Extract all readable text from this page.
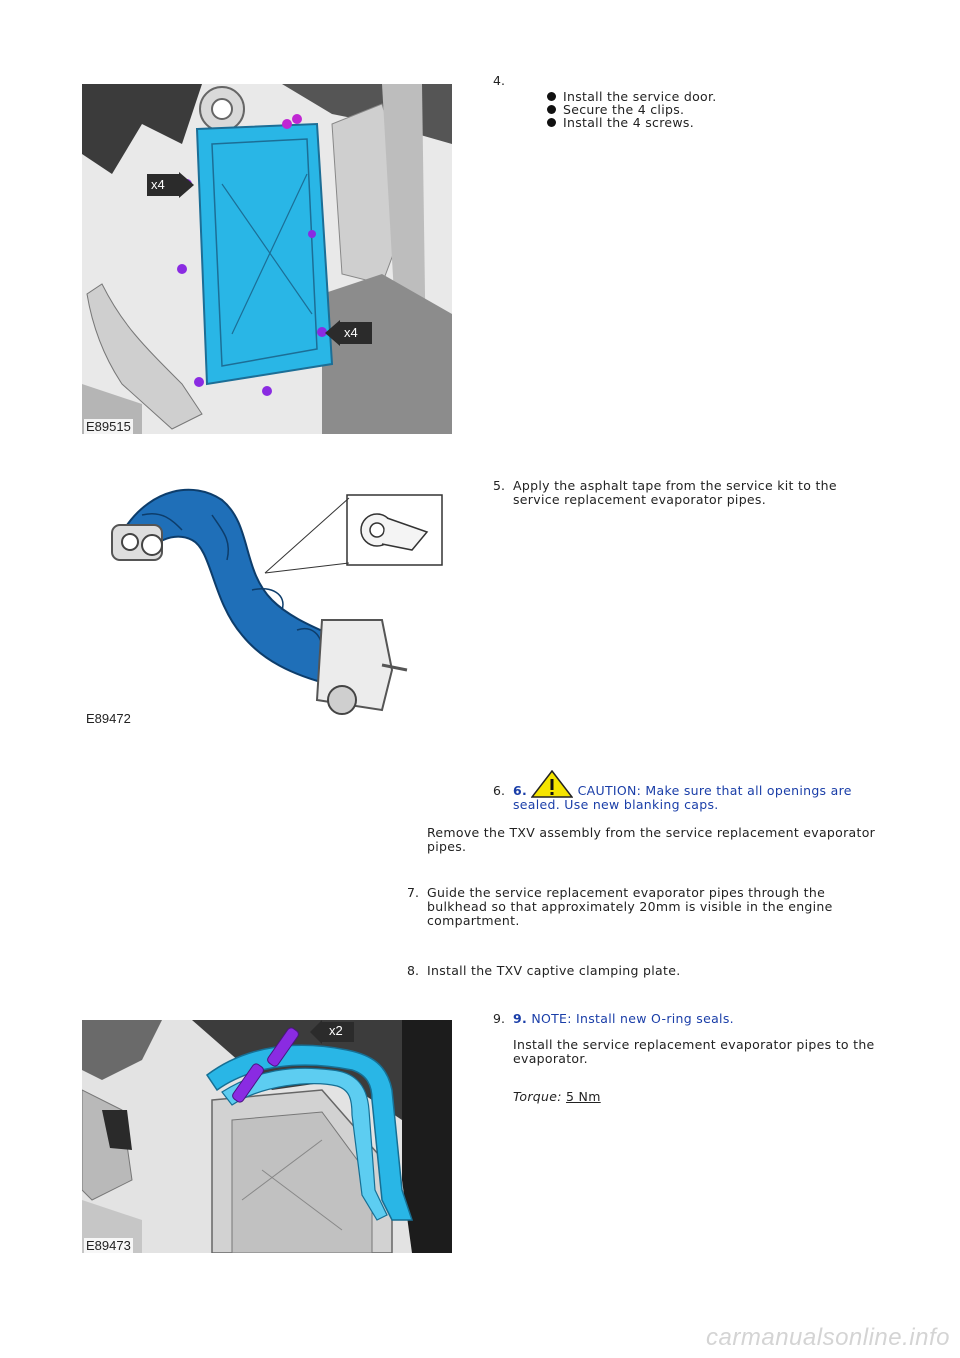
x4
x4
E89515
4.
Install the service door.
Secure the 4 clips.
Install the 4 screws.
E89472
5. Apply the asphalt tape from the service kit to the service replacement evaporator pipes.
6. 6.	CAUTION: Make sure that all openings are sealed. Use new blanking caps.
Remove the TXV assembly from the service replacement evaporator pipes.
7. Guide the service replacement evaporator pipes through the bulkhead so that approximately 20mm is visible in the engine compartment.
8. Install the TXV captive clamping plate.
x2
E89473
9. 9. NOTE: Install new O-ring seals.
Install the service replacement evaporator pipes to the evaporator.
Torque: 5 Nm
carmanualsonline.info
